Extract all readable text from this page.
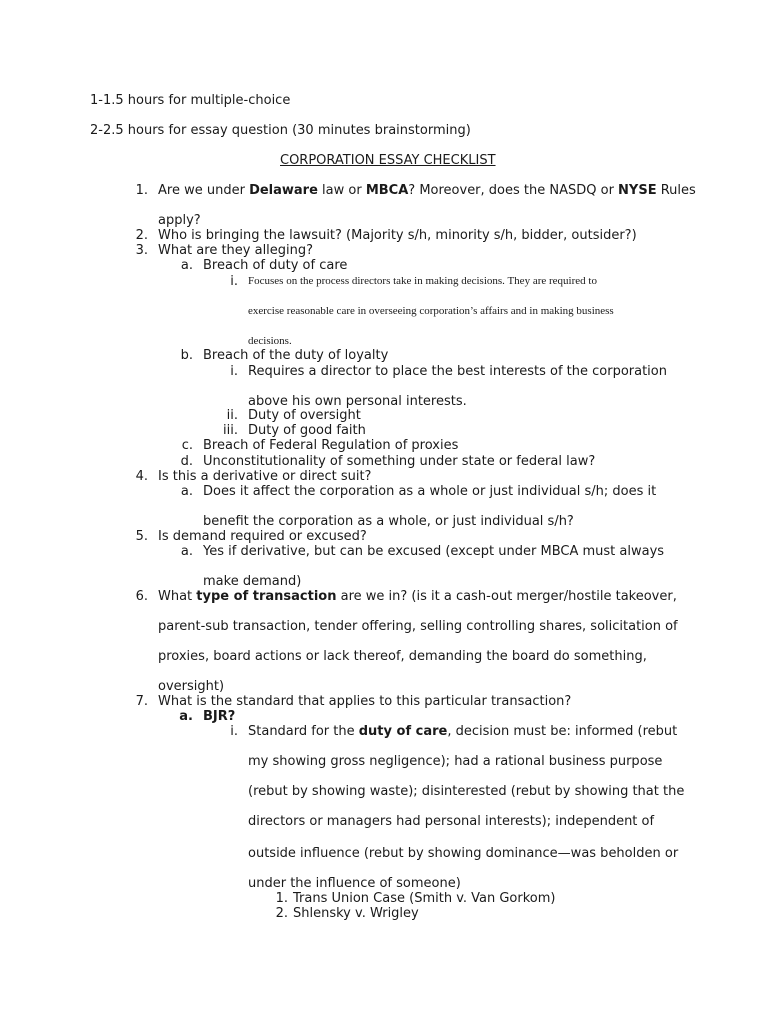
1-1.5 hours for multiple-choice
2-2.5 hours for essay question (30 minutes brainstorming)
CORPORATION ESSAY CHECKLIST
1. Are we under Delaware law or MBCA? Moreover, does the NASDQ or NYSE Rules
apply?
2. Who is bringing the lawsuit? (Majority s/h, minority s/h, bidder, outsider?)
3. What are they alleging?
a. Breach of duty of care
i. Focuses on the process directors take in making decisions. They are required to
exercise reasonable care in overseeing corporation’s affairs and in making business
decisions.
b. Breach of the duty of loyalty
i. Requires a director to place the best interests of the corporation
above his own personal interests.
ii. Duty of oversight
iii. Duty of good faith
c. Breach of Federal Regulation of proxies
d. Unconstitutionality of something under state or federal law?
4. Is this a derivative or direct suit?
a. Does it affect the corporation as a whole or just individual s/h; does it
benefit the corporation as a whole, or just individual s/h?
5. Is demand required or excused?
a. Yes if derivative, but can be excused (except under MBCA must always
make demand)
6. What type of transaction are we in? (is it a cash-out merger/hostile takeover,
parent-sub transaction, tender offering, selling controlling shares, solicitation of
proxies, board actions or lack thereof, demanding the board do something,
oversight)
7. What is the standard that applies to this particular transaction?
a. BJR?
i. Standard for the duty of care, decision must be: informed (rebut
my showing gross negligence); had a rational business purpose
(rebut by showing waste); disinterested (rebut by showing that the
directors or managers had personal interests); independent of
outside influence (rebut by showing dominance—was beholden or
under the influence of someone)
1. Trans Union Case (Smith v. Van Gorkom)
2. Shlensky v. Wrigley
